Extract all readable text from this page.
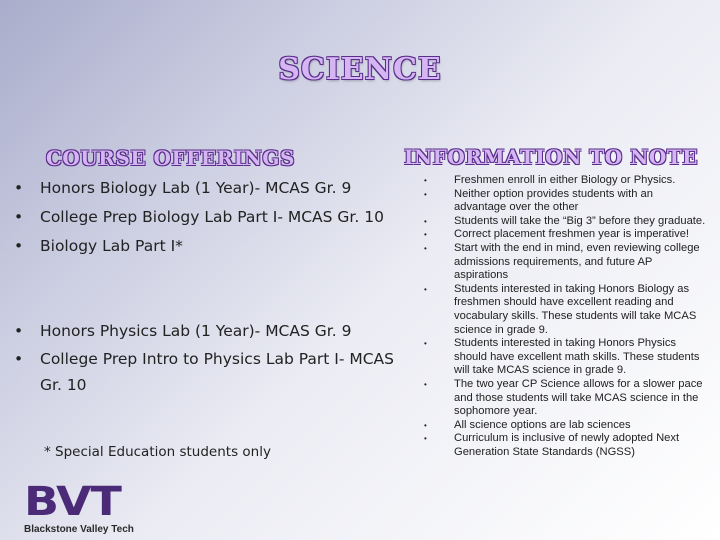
SCIENCE
COURSE OFFERINGS	INFORMATION TO NOTE
• Honors Biology Lab (1 Year)- MCAS Gr. 9
• College Prep Biology Lab Part I- MCAS Gr. 10
• Biology Lab Part I*
• Honors Physics Lab (1 Year)- MCAS Gr. 9
• College Prep Intro to Physics Lab Part I- MCAS Gr. 10
* Special Education students only
BVT
Blackstone Valley Tech
• Freshmen enroll in either Biology or Physics.
• Neither option provides students with an advantage over the other
• Students will take the “Big 3” before they graduate.
• Correct placement freshmen year is imperative!
• Start with the end in mind, even reviewing college admissions requirements, and future AP aspirations
• Students interested in taking Honors Biology as freshmen should have excellent reading and vocabulary skills. These students will take MCAS science in grade 9.
• Students interested in taking Honors Physics should have excellent math skills. These students will take MCAS science in grade 9.
• The two year CP Science allows for a slower pace and those students will take MCAS science in the sophomore year.
• All science options are lab sciences
• Curriculum is inclusive of newly adopted Next Generation State Standards (NGSS)
